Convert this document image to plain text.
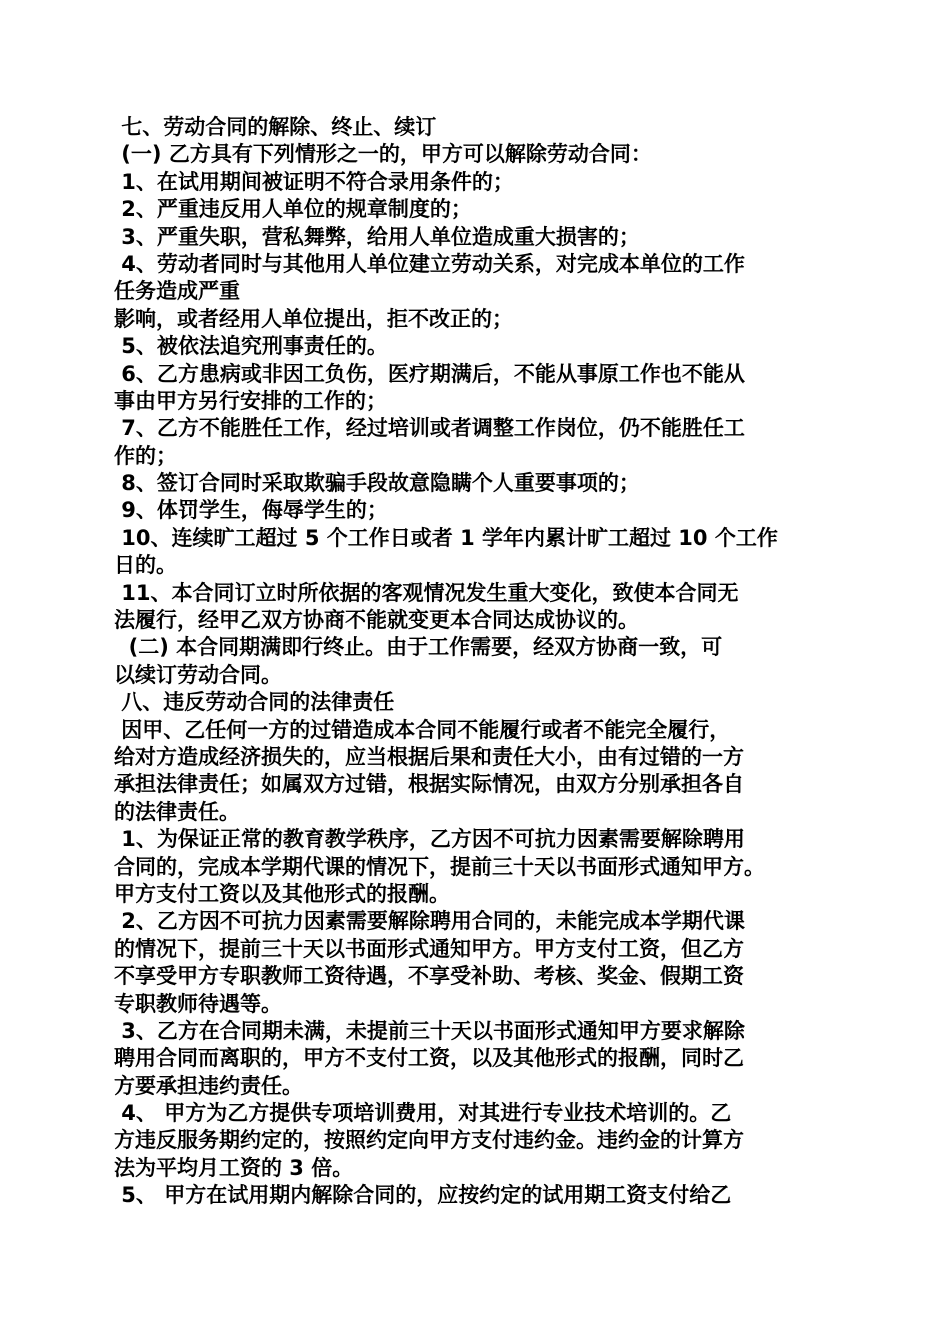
七、劳动合同的解除、终止、续订

(一) 乙方具有下列情形之一的，甲方可以解除劳动合同：

1、在试用期间被证明不符合录用条件的；

2、严重违反用人单位的规章制度的；

3、严重失职，营私舞弊，给用人单位造成重大损害的；

4、劳动者同时与其他用人单位建立劳动关系，对完成本单位的工作

任务造成严重

影响，或者经用人单位提出，拒不改正的；

5、被依法追究刑事责任的。

6、乙方患病或非因工负伤，医疗期满后，不能从事原工作也不能从

事由甲方另行安排的工作的；

7、乙方不能胜任工作，经过培训或者调整工作岗位，仍不能胜任工

作的；

8、签订合同时采取欺骗手段故意隐瞒个人重要事项的；

9、体罚学生，侮辱学生的；

10、连续旷工超过 5 个工作日或者 1 学年内累计旷工超过 10 个工作

日的。

11、本合同订立时所依据的客观情况发生重大变化，致使本合同无

法履行，经甲乙双方协商不能就变更本合同达成协议的。

(二) 本合同期满即行终止。由于工作需要，经双方协商一致，可

以续订劳动合同。

八、违反劳动合同的法律责任

因甲、乙任何一方的过错造成本合同不能履行或者不能完全履行，

给对方造成经济损失的，应当根据后果和责任大小，由有过错的一方

承担法律责任；如属双方过错，根据实际情况，由双方分别承担各自

的法律责任。

1、为保证正常的教育教学秩序，乙方因不可抗力因素需要解除聘用

合同的，完成本学期代课的情况下，提前三十天以书面形式通知甲方。

甲方支付工资以及其他形式的报酬。

2、乙方因不可抗力因素需要解除聘用合同的，未能完成本学期代课

的情况下，提前三十天以书面形式通知甲方。甲方支付工资，但乙方

不享受甲方专职教师工资待遇，不享受补助、考核、奖金、假期工资

专职教师待遇等。

3、乙方在合同期未满，未提前三十天以书面形式通知甲方要求解除

聘用合同而离职的，甲方不支付工资，以及其他形式的报酬，同时乙

方要承担违约责任。

4、 甲方为乙方提供专项培训费用，对其进行专业技术培训的。乙

方违反服务期约定的，按照约定向甲方支付违约金。违约金的计算方

法为平均月工资的 3 倍。

5、 甲方在试用期内解除合同的，应按约定的试用期工资支付给乙
